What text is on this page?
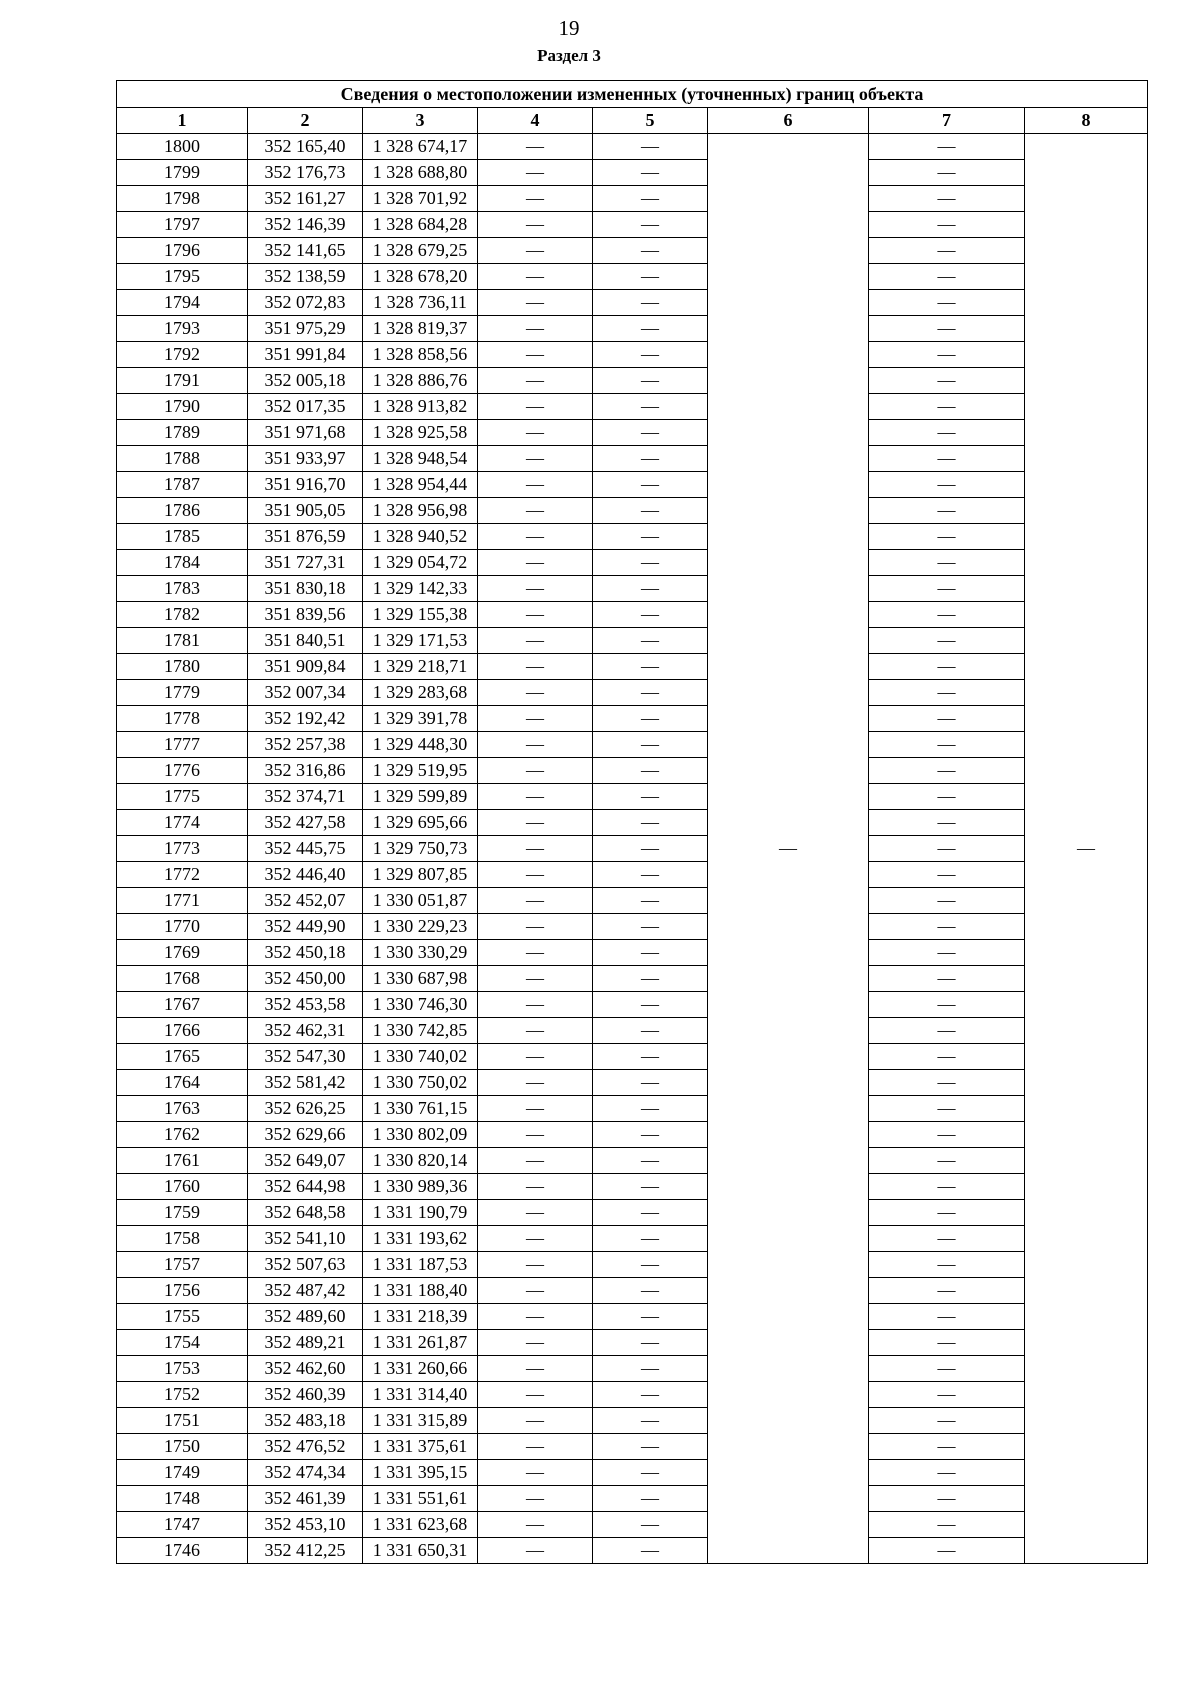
19
Раздел 3
Сведения о местоположении измененных (уточненных) границ объекта							
1	2	3	4	5	6	7	8
1800	352 165,40	1 328 674,17	—	—	—	—	—
1799	352 176,73	1 328 688,80	—	—		—	
1798	352 161,27	1 328 701,92	—	—		—	
1797	352 146,39	1 328 684,28	—	—		—	
1796	352 141,65	1 328 679,25	—	—		—	
1795	352 138,59	1 328 678,20	—	—		—	
1794	352 072,83	1 328 736,11	—	—		—	
1793	351 975,29	1 328 819,37	—	—		—	
1792	351 991,84	1 328 858,56	—	—		—	
1791	352 005,18	1 328 886,76	—	—		—	
1790	352 017,35	1 328 913,82	—	—		—	
1789	351 971,68	1 328 925,58	—	—		—	
1788	351 933,97	1 328 948,54	—	—		—	
1787	351 916,70	1 328 954,44	—	—		—	
1786	351 905,05	1 328 956,98	—	—		—	
1785	351 876,59	1 328 940,52	—	—		—	
1784	351 727,31	1 329 054,72	—	—		—	
1783	351 830,18	1 329 142,33	—	—		—	
1782	351 839,56	1 329 155,38	—	—		—	
1781	351 840,51	1 329 171,53	—	—		—	
1780	351 909,84	1 329 218,71	—	—		—	
1779	352 007,34	1 329 283,68	—	—		—	
1778	352 192,42	1 329 391,78	—	—		—	
1777	352 257,38	1 329 448,30	—	—		—	
1776	352 316,86	1 329 519,95	—	—		—	
1775	352 374,71	1 329 599,89	—	—		—	
1774	352 427,58	1 329 695,66	—	—		—	
1773	352 445,75	1 329 750,73	—	—		—	
1772	352 446,40	1 329 807,85	—	—		—	
1771	352 452,07	1 330 051,87	—	—		—	
1770	352 449,90	1 330 229,23	—	—		—	
1769	352 450,18	1 330 330,29	—	—		—	
1768	352 450,00	1 330 687,98	—	—		—	
1767	352 453,58	1 330 746,30	—	—		—	
1766	352 462,31	1 330 742,85	—	—		—	
1765	352 547,30	1 330 740,02	—	—		—	
1764	352 581,42	1 330 750,02	—	—		—	
1763	352 626,25	1 330 761,15	—	—		—	
1762	352 629,66	1 330 802,09	—	—		—	
1761	352 649,07	1 330 820,14	—	—		—	
1760	352 644,98	1 330 989,36	—	—		—	
1759	352 648,58	1 331 190,79	—	—		—	
1758	352 541,10	1 331 193,62	—	—		—	
1757	352 507,63	1 331 187,53	—	—		—	
1756	352 487,42	1 331 188,40	—	—		—	
1755	352 489,60	1 331 218,39	—	—		—	
1754	352 489,21	1 331 261,87	—	—		—	
1753	352 462,60	1 331 260,66	—	—		—	
1752	352 460,39	1 331 314,40	—	—		—	
1751	352 483,18	1 331 315,89	—	—		—	
1750	352 476,52	1 331 375,61	—	—		—	
1749	352 474,34	1 331 395,15	—	—		—	
1748	352 461,39	1 331 551,61	—	—		—	
1747	352 453,10	1 331 623,68	—	—		—	
1746	352 412,25	1 331 650,31	—	—		—	
